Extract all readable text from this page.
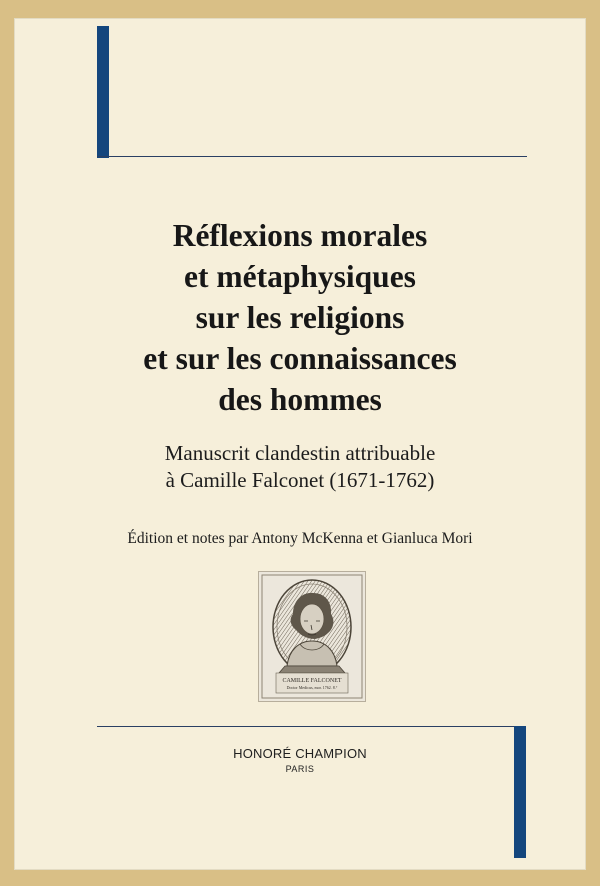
Réflexions morales
et métaphysiques
sur les religions
et sur les connaissances
des hommes
Manuscrit clandestin attribuable
à Camille Falconet (1671-1762)
Édition et notes par Antony McKenna et Gianluca Mori
CAMILLE FALCONET
Doctor Medicus, mor. 1762. 8.°
HONORÉ CHAMPION
PARIS
